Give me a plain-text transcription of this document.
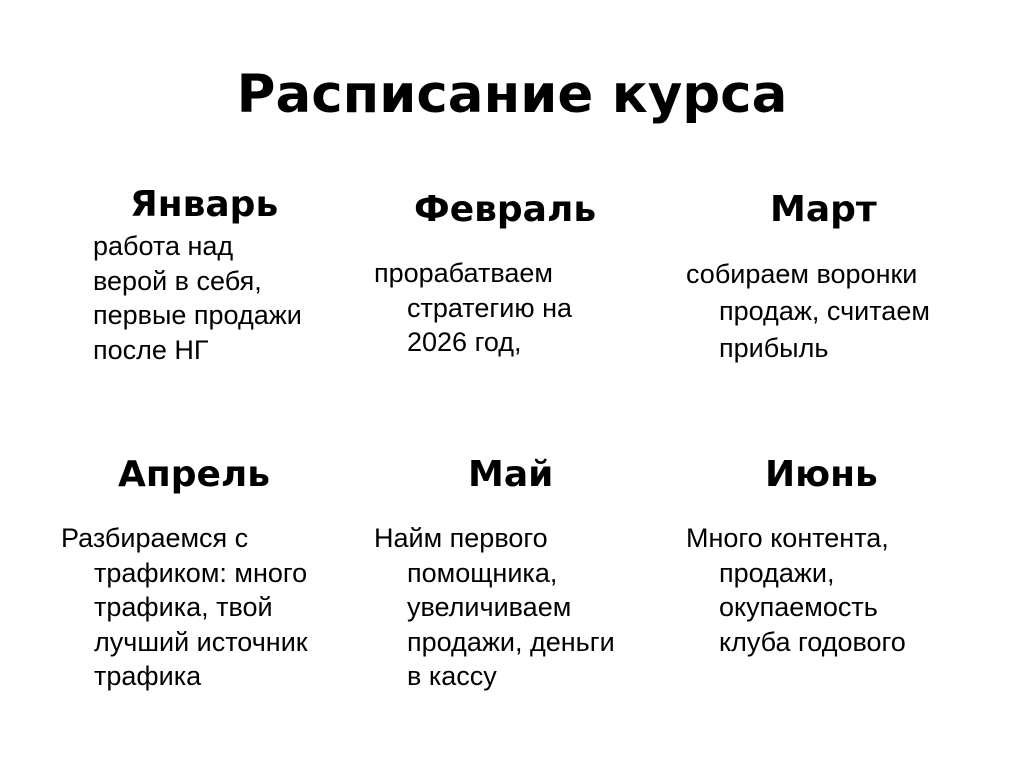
Расписание курса
Январь
работа над
верой в себя,
первые продажи
после НГ
Февраль
прорабатваем
стратегию на
2026 год,
Март
собираем воронки
продаж, считаем
прибыль
Апрель
Разбираемся с
трафиком: много
трафика, твой
лучший источник
трафика
Май
Найм первого
помощника,
увеличиваем
продажи, деньги
в кассу
Июнь
Много контента,
продажи,
окупаемость
клуба годового
